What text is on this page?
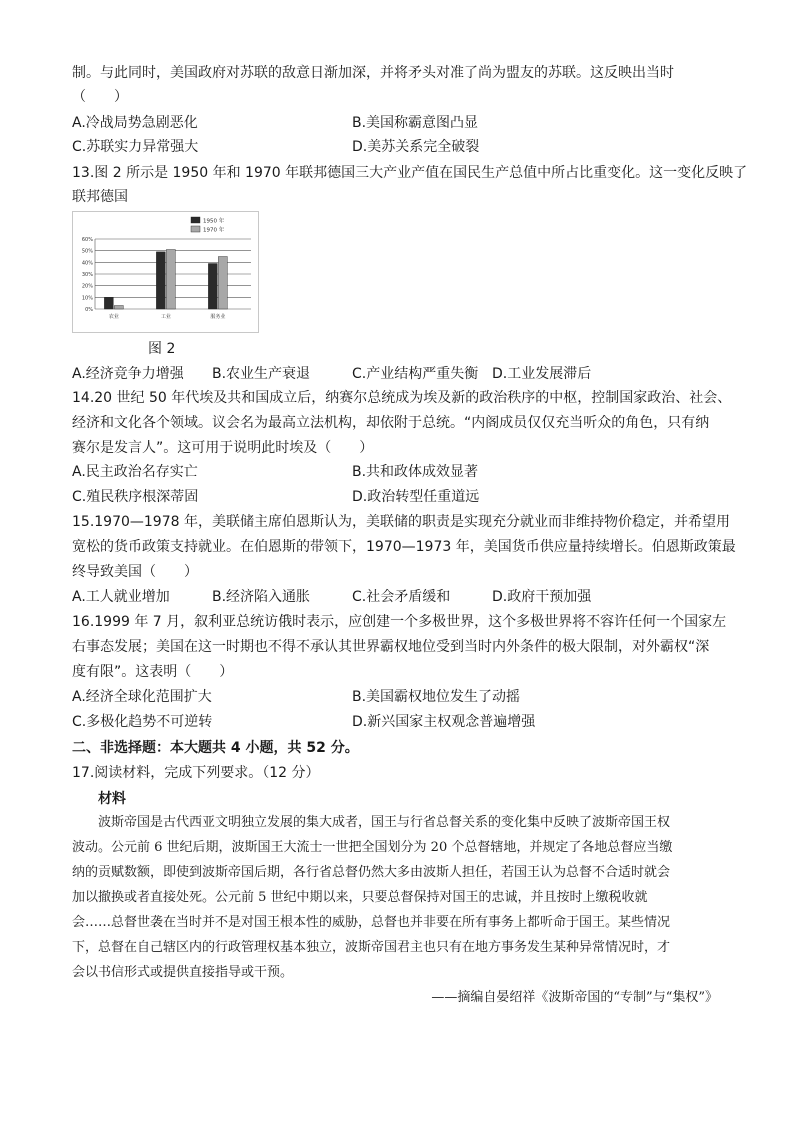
制。与此同时，美国政府对苏联的敌意日渐加深，并将矛头对准了尚为盟友的苏联。这反映出当时
（　　）
A.冷战局势急剧恶化	B.美国称霸意图凸显
C.苏联实力异常强大	D.美苏关系完全破裂
13.图 2 所示是 1950 年和 1970 年联邦德国三大产业产值在国民生产总值中所占比重变化。这一变化反映了
联邦德国
0%
10%
20%
30%
40%
50%
60%
农业	工业	服务业
1950 年
1970 年
图 2
A.经济竞争力增强 B.农业生产衰退	C.产业结构严重失衡 D.工业发展滞后
14.20 世纪 50 年代埃及共和国成立后，纳赛尔总统成为埃及新的政治秩序的中枢，控制国家政治、社会、
经济和文化各个领域。议会名为最高立法机构，却依附于总统。“内阁成员仅仅充当听众的角色，只有纳
赛尔是发言人”。这可用于说明此时埃及（　　）
A.民主政治名存实亡	B.共和政体成效显著
C.殖民秩序根深蒂固	D.政治转型任重道远
15.1970—1978 年，美联储主席伯恩斯认为，美联储的职责是实现充分就业而非维持物价稳定，并希望用
宽松的货币政策支持就业。在伯恩斯的带领下，1970—1973 年，美国货币供应量持续增长。伯恩斯政策最
终导致美国（　　）
A.工人就业增加	B.经济陷入通胀	C.社会矛盾缓和	D.政府干预加强
16.1999 年 7 月，叙利亚总统访俄时表示，应创建一个多极世界，这个多极世界将不容许任何一个国家左
右事态发展；美国在这一时期也不得不承认其世界霸权地位受到当时内外条件的极大限制，对外霸权“深
度有限”。这表明（　　）
A.经济全球化范围扩大	B.美国霸权地位发生了动摇
C.多极化趋势不可逆转	D.新兴国家主权观念普遍增强
二、非选择题：本大题共 4 小题，共 52 分。
17.阅读材料，完成下列要求。（12 分）
材料
波斯帝国是古代西亚文明独立发展的集大成者，国王与行省总督关系的变化集中反映了波斯帝国王权
波动。公元前 6 世纪后期，波斯国王大流士一世把全国划分为 20 个总督辖地，并规定了各地总督应当缴
纳的贡赋数额，即使到波斯帝国后期，各行省总督仍然大多由波斯人担任，若国王认为总督不合适时就会
加以撤换或者直接处死。公元前 5 世纪中期以来，只要总督保持对国王的忠诚，并且按时上缴税收就
会……总督世袭在当时并不是对国王根本性的威胁，总督也并非要在所有事务上都听命于国王。某些情况
下，总督在自己辖区内的行政管理权基本独立，波斯帝国君主也只有在地方事务发生某种异常情况时，才
会以书信形式或提供直接指导或干预。
——摘编自晏绍祥《波斯帝国的“专制”与“集权”》
